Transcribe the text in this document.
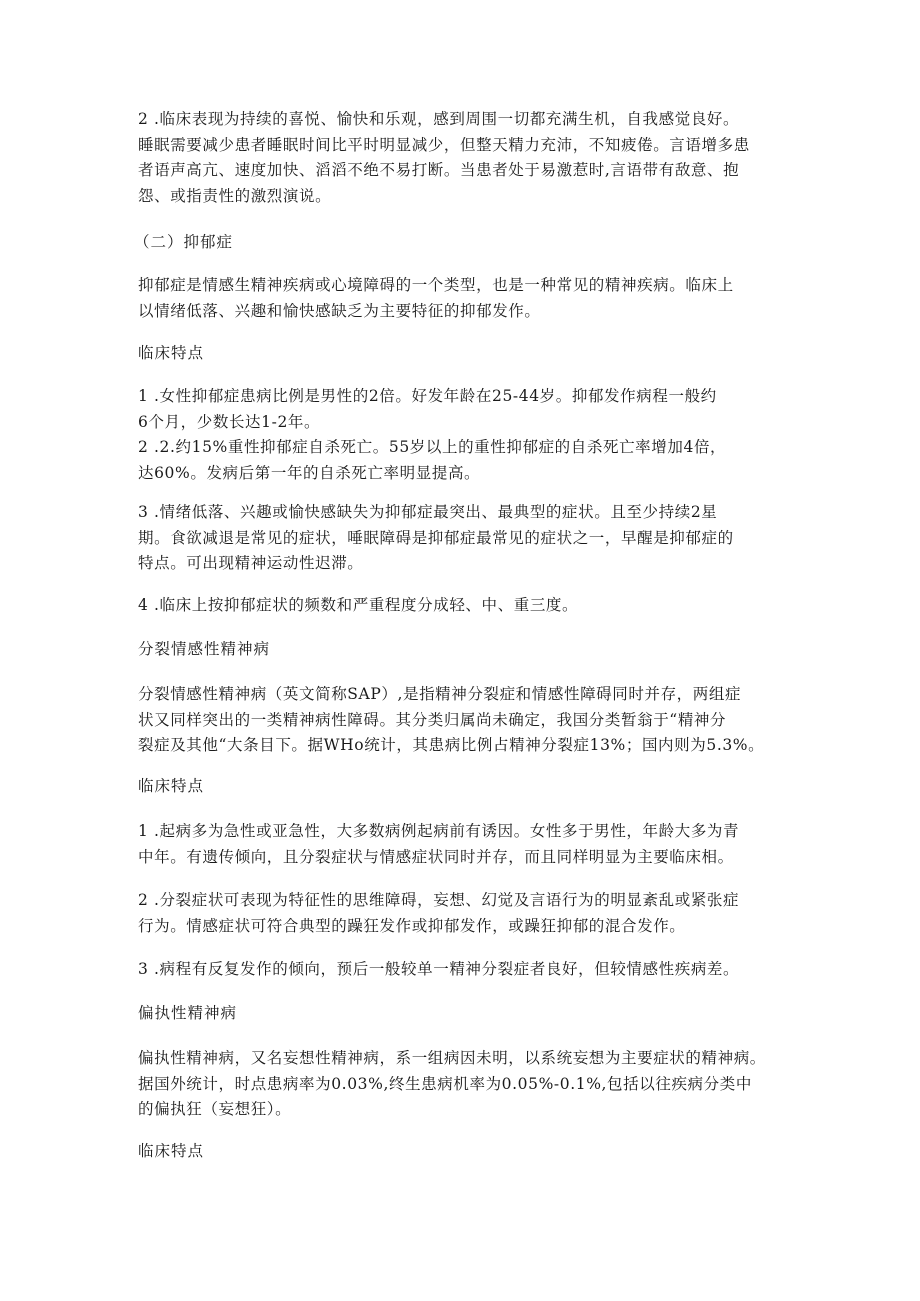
2 .临床表现为持续的喜悦、愉快和乐观，感到周围一切都充满生机，自我感觉良好。
睡眠需要减少患者睡眠时间比平时明显减少，但整天精力充沛，不知疲倦。言语增多患
者语声高亢、速度加快、滔滔不绝不易打断。当患者处于易激惹时,言语带有敌意、抱
怨、或指责性的激烈演说。

（二）抑郁症

抑郁症是情感生精神疾病或心境障碍的一个类型，也是一种常见的精神疾病。临床上
以情绪低落、兴趣和愉快感缺乏为主要特征的抑郁发作。

临床特点

1 .女性抑郁症患病比例是男性的2倍。好发年龄在25-44岁。抑郁发作病程一般约
6个月，少数长达1-2年。
2 .2.约15%重性抑郁症自杀死亡。55岁以上的重性抑郁症的自杀死亡率增加4倍，
达60%。发病后第一年的自杀死亡率明显提高。

3 .情绪低落、兴趣或愉快感缺失为抑郁症最突出、最典型的症状。且至少持续2星
期。食欲减退是常见的症状，唾眠障碍是抑郁症最常见的症状之一，早醒是抑郁症的
特点。可出现精神运动性迟滞。

4 .临床上按抑郁症状的频数和严重程度分成轻、中、重三度。

分裂情感性精神病

分裂情感性精神病（英文简称SAP）,是指精神分裂症和情感性障碍同时并存，两组症
状又同样突出的一类精神病性障碍。其分类归属尚未确定，我国分类暂翁于“精神分
裂症及其他“大条目下。据WHo统计，其患病比例占精神分裂症13%；国内则为5.3%。

临床特点

1 .起病多为急性或亚急性，大多数病例起病前有诱因。女性多于男性，年龄大多为青
中年。有遗传倾向，且分裂症状与情感症状同时并存，而且同样明显为主要临床相。

2 .分裂症状可表现为特征性的思维障碍，妄想、幻觉及言语行为的明显紊乱或紧张症
行为。情感症状可符合典型的躁狂发作或抑郁发作，或躁狂抑郁的混合发作。

3 .病程有反复发作的倾向，预后一般较单一精神分裂症者良好，但较情感性疾病差。

偏执性精神病

偏执性精神病，又名妄想性精神病，系一组病因未明，以系统妄想为主要症状的精神病。
据国外统计，时点患病率为0.03%,终生患病机率为0.05%-0.1%,包括以往疾病分类中
的偏执狂（妄想狂）。

临床特点
